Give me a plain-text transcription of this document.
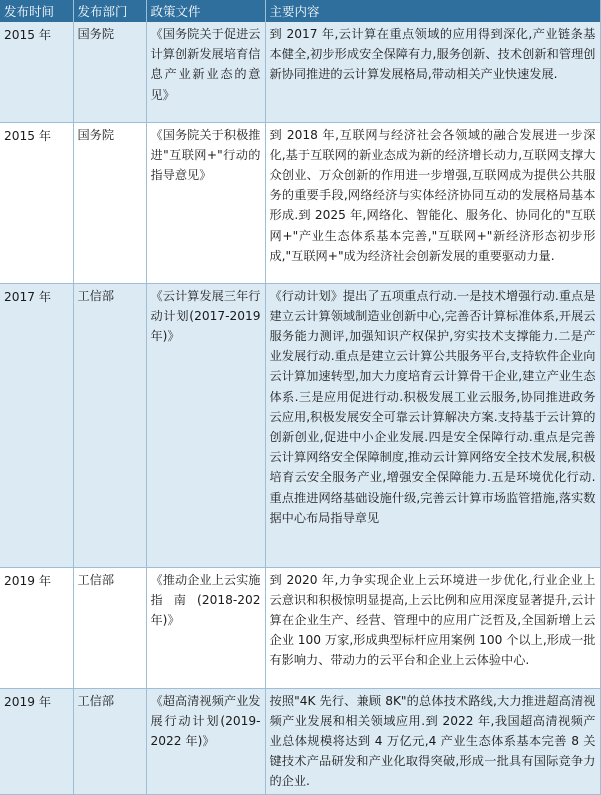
发布时间	发布部门	政策文件	主要内容
2015 年	国务院	《国务院关于促进云计算创新发展培育信息产业新业态的意见》	到 2017 年,云计算在重点领域的应用得到深化,产业链条基本健全,初步形成安全保障有力,服务创新、技术创新和管理创新协同推进的云计算发展格局,带动相关产业快速发展.
2015 年	国务院	《国务院关于积极推进"互联网+"行动的指导意见》	到 2018 年,互联网与经济社会各领域的融合发展进一步深化,基于互联网的新业态成为新的经济增长动力,互联网支撑大众创业、万众创新的作用进一步增强,互联网成为提供公共服务的重要手段,网络经济与实体经济协同互动的发展格局基本形成.到 2025 年,网络化、智能化、服务化、协同化的"互联网+"产业生态体系基本完善,"互联网+"新经济形态初步形成,"互联网+"成为经济社会创新发展的重要驱动力量.
2017 年	工信部	《云计算发展三年行动计划(2017-2019 年)》	《行动计划》提出了五项重点行动.一是技术增强行动.重点是建立云计算领域制造业创新中心,完善否计算标准体系,开展云服务能力测评,加强知识产权保护,穷实技术支撑能力.二是产业发展行动.重点是建立云计算公共服务平台,支持软件企业向云计算加速转型,加大力度培育云计算骨干企业,建立产业生态体系.三是应用促进行动.积极发展工业云服务,协同推进政务云应用,积极发展安全可靠云计算解决方案.支持基于云计算的创新创业,促进中小企业发展.四是安全保障行动.重点是完善云计算网络安全保障制度,推动云计算网络安全技术发展,积极培育云安全服务产业,增强安全保障能力.五是环境优化行动.重点推进网络基础设施什级,完善云计算市场监管措施,落实数据中心布局指导章见
2019 年	工信部	《推动企业上云实施指南(2018-202 年)》	到 2020 年,力争实现企业上云环境进一步优化,行业企业上云意识和积极惊明显提高,上云比例和应用深度显著提升,云计算在企业生产、经营、管理中的应用广泛哲及,全国新增上云企业 100 万家,形成典型标杆应用案例 100 个以上,形成一批有影响力、带动力的云平台和企业上云体验中心.
2019 年	工信部	《超高清视频产业发展行动计划(2019-2022 年)》	按照"4K 先行、兼顾 8K"的总体技术路线,大力推进超高清视频产业发展和相关领域应用.到 2022 年,我国超高清视频产业总体规模将达到 4 万亿元,4 产业生态体系基本完善 8 关键技术产品研发和产业化取得突破,形成一批具有国际竞争力的企业.
